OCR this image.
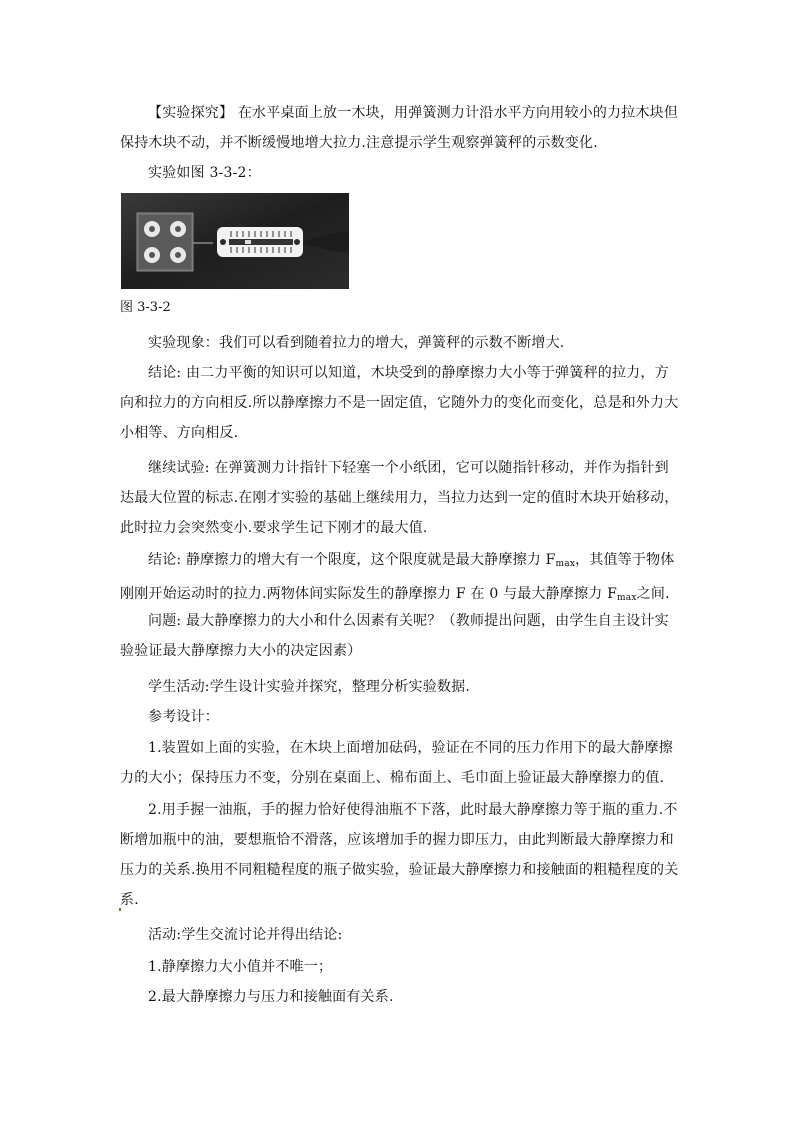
【实验探究】 在水平桌面上放一木块，用弹簧测力计沿水平方向用较小的力拉木块但保持木块不动，并不断缓慢地增大拉力.注意提示学生观察弹簧秤的示数变化.
实验如图 3-3-2：
图 3-3-2
实验现象：我们可以看到随着拉力的增大，弹簧秤的示数不断增大.
结论: 由二力平衡的知识可以知道，木块受到的静摩擦力大小等于弹簧秤的拉力，方向和拉力的方向相反.所以静摩擦力不是一固定值，它随外力的变化而变化，总是和外力大小相等、方向相反.
继续试验: 在弹簧测力计指针下轻塞一个小纸团，它可以随指针移动，并作为指针到达最大位置的标志.在刚才实验的基础上继续用力，当拉力达到一定的值时木块开始移动，此时拉力会突然变小.要求学生记下刚才的最大值.
结论: 静摩擦力的增大有一个限度，这个限度就是最大静摩擦力 $F_{max}$，其值等于物体刚刚开始运动时的拉力.两物体间实际发生的静摩擦力 F 在 0 与最大静摩擦力 $F_{max}$之间.
问题: 最大静摩擦力的大小和什么因素有关呢？（教师提出问题，由学生自主设计实验验证最大静摩擦力大小的决定因素）
学生活动:学生设计实验并探究，整理分析实验数据.
参考设计：
1.装置如上面的实验，在木块上面增加砝码，验证在不同的压力作用下的最大静摩擦力的大小；保持压力不变，分别在桌面上、棉布面上、毛巾面上验证最大静摩擦力的值.
2.用手握一油瓶，手的握力恰好使得油瓶不下落，此时最大静摩擦力等于瓶的重力.不断增加瓶中的油，要想瓶恰不滑落，应该增加手的握力即压力，由此判断最大静摩擦力和压力的关系.换用不同粗糙程度的瓶子做实验，验证最大静摩擦力和接触面的粗糙程度的关系.
活动:学生交流讨论并得出结论:
1.静摩擦力大小值并不唯一；
2.最大静摩擦力与压力和接触面有关系.
